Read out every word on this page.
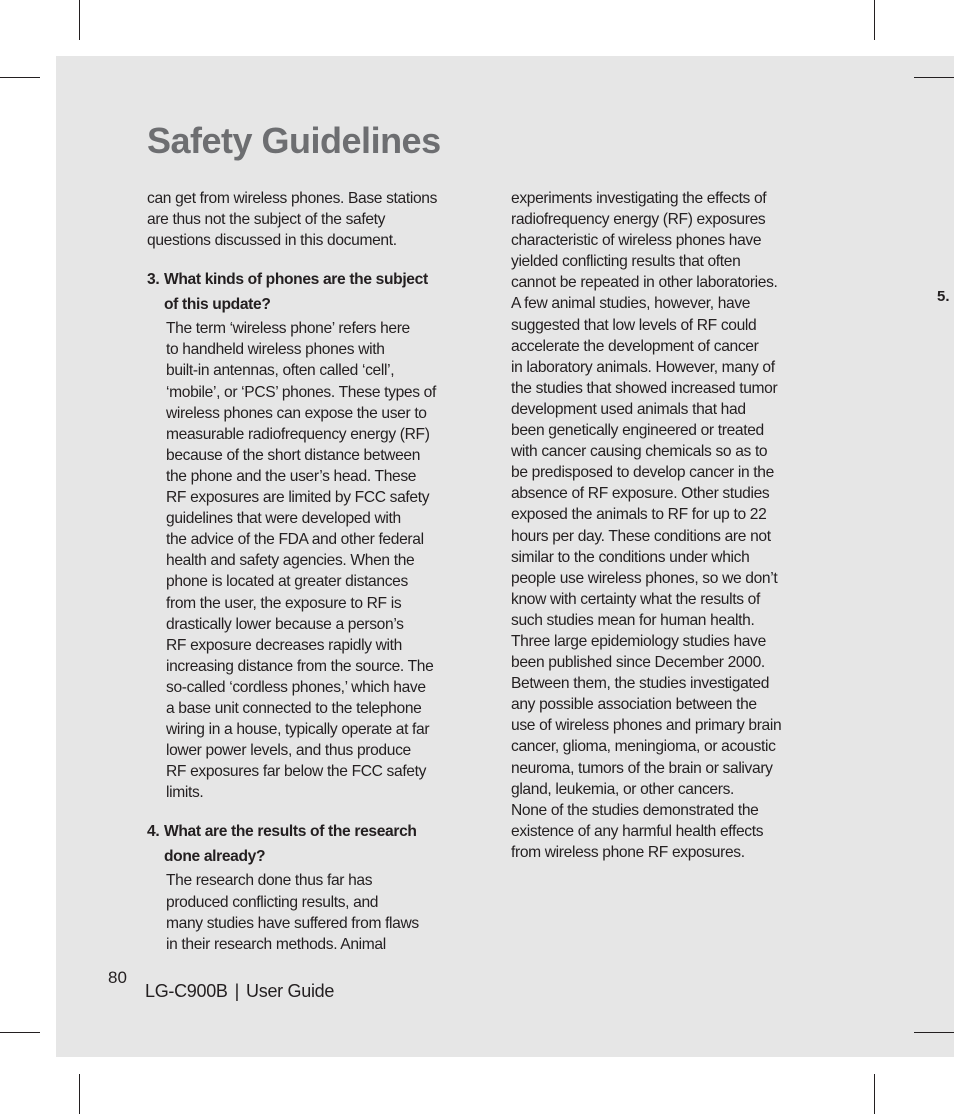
Safety Guidelines

can get from wireless phones. Base stations
are thus not the subject of the safety
questions discussed in this document.

3. What kinds of phones are the subject
of this update?
The term ‘wireless phone’ refers here
to handheld wireless phones with
built-in antennas, often called ‘cell’,
‘mobile’, or ‘PCS’ phones. These types of
wireless phones can expose the user to
measurable radiofrequency energy (RF)
because of the short distance between
the phone and the user’s head. These
RF exposures are limited by FCC safety
guidelines that were developed with
the advice of the FDA and other federal
health and safety agencies. When the
phone is located at greater distances
from the user, the exposure to RF is
drastically lower because a person’s
RF exposure decreases rapidly with
increasing distance from the source. The
so-called ‘cordless phones,’ which have
a base unit connected to the telephone
wiring in a house, typically operate at far
lower power levels, and thus produce
RF exposures far below the FCC safety
limits.
4. What are the results of the research
done already?
The research done thus far has
produced conflicting results, and
many studies have suffered from flaws
in their research methods. Animal

experiments investigating the effects of
radiofrequency energy (RF) exposures
characteristic of wireless phones have
yielded conflicting results that often
cannot be repeated in other laboratories.
A few animal studies, however, have
suggested that low levels of RF could
accelerate the development of cancer
in laboratory animals. However, many of
the studies that showed increased tumor
development used animals that had
been genetically engineered or treated
with cancer causing chemicals so as to
be predisposed to develop cancer in the
absence of RF exposure. Other studies
exposed the animals to RF for up to 22
hours per day. These conditions are not
similar to the conditions under which
people use wireless phones, so we don’t
know with certainty what the results of
such studies mean for human health.
Three large epidemiology studies have
been published since December 2000.
Between them, the studies investigated
any possible association between the
use of wireless phones and primary brain
cancer, glioma, meningioma, or acoustic
neuroma, tumors of the brain or salivary
gland, leukemia, or other cancers.
None of the studies demonstrated the
existence of any harmful health effects
from wireless phone RF exposures.

5.
80
LG-C900B | User Guide
